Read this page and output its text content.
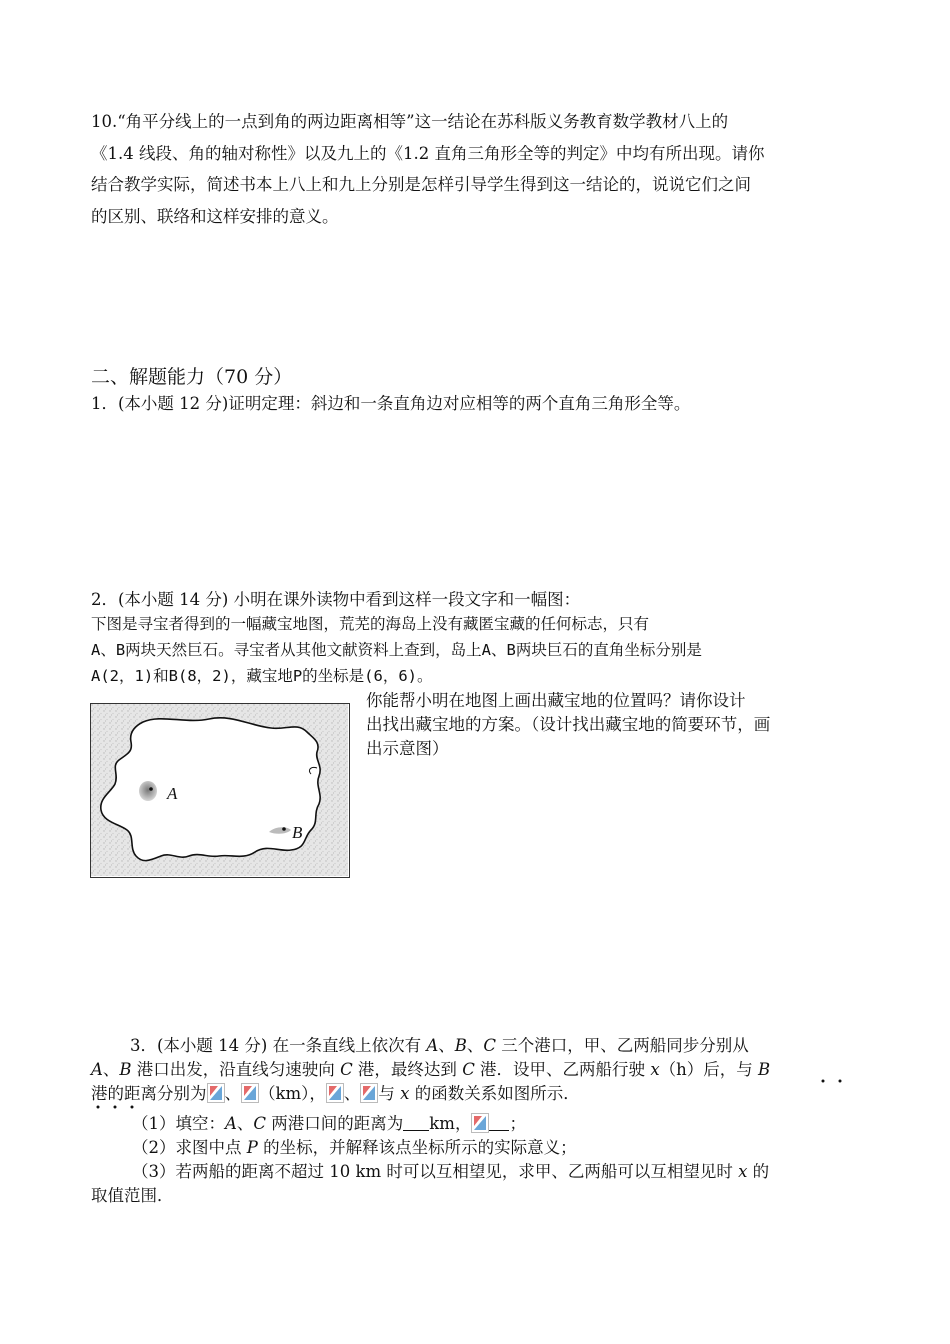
10.“角平分线上的一点到角的两边距离相等”这一结论在苏科版义务教育数学教材八上的
《1.4 线段、角的轴对称性》以及九上的《1.2 直角三角形全等的判定》中均有所出现。请你
结合教学实际，简述书本上八上和九上分别是怎样引导学生得到这一结论的，说说它们之间
的区别、联络和这样安排的意义。
二、解题能力（70 分）
1．(本小题 12 分)证明定理：斜边和一条直角边对应相等的两个直角三角形全等。
2．(本小题 14 分) 小明在课外读物中看到这样一段文字和一幅图：
下图是寻宝者得到的一幅藏宝地图，荒芜的海岛上没有藏匿宝藏的任何标志，只有
A、B两块天然巨石。寻宝者从其他文献资料上查到，岛上A、B两块巨石的直角坐标分别是
A(2，1)和B(8，2)，藏宝地P的坐标是(6，6)。
你能帮小明在地图上画出藏宝地的位置吗？请你设计
出找出藏宝地的方案。（设计找出藏宝地的简要环节，画
出示意图）
A
B
3．(本小题 14 分) 在一条直线上依次有 A、B、C 三个港口，甲、乙两船同步分别从
A、B 港口出发，沿直线匀速驶向 C 港，最终达到 C 港．设甲、乙两船行驶 x（h）后，与 B
港的距离分别为 、 （km）， 、 与 x 的函数关系如图所示．
（1）填空：A、C 两港口间的距离为 km， ；
（2）求图中点 P 的坐标，并解释该点坐标所示的实际意义；
（3）若两船的距离不超过 10 km 时可以互相望见，求甲、乙两船可以互相望见时 x 的
取值范围．
